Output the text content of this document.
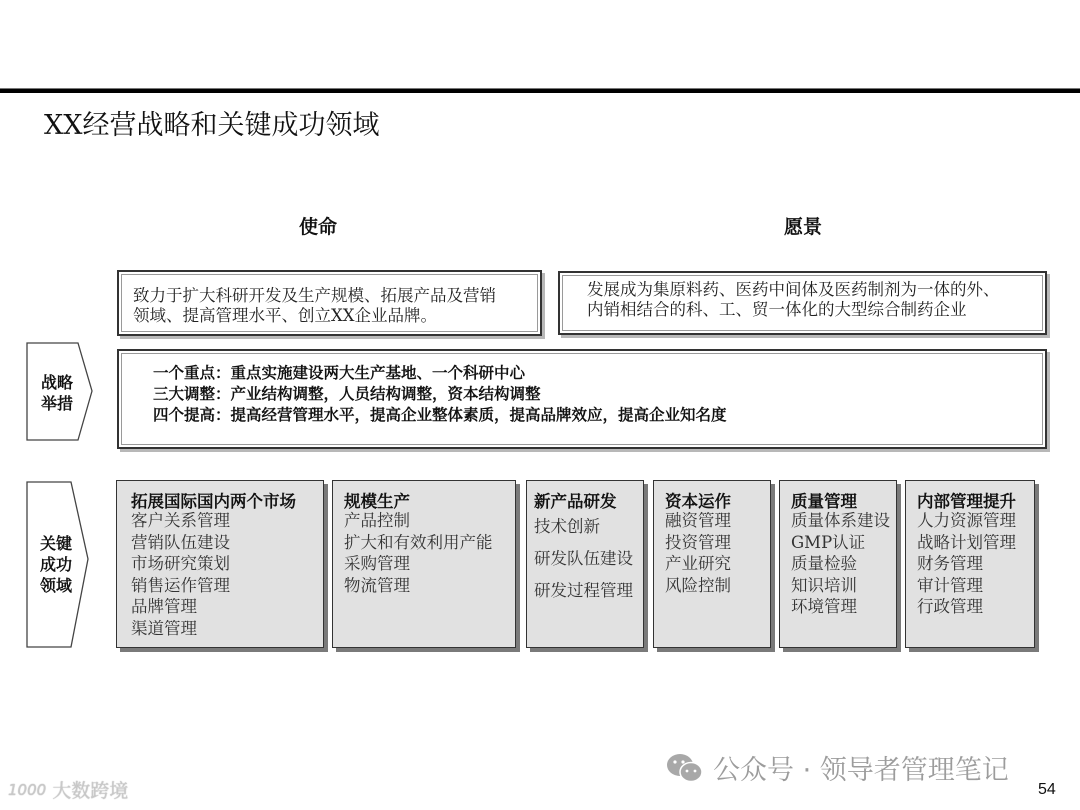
XX经营战略和关键成功领域
使命	愿景
致力于扩大科研开发及生产规模、拓展产品及营销
领域、提高管理水平、创立XX企业品牌。
发展成为集原料药、医药中间体及医药制剂为一体的外、
内销相结合的科、工、贸一体化的大型综合制药企业
战略
举措
一个重点：重点实施建设两大生产基地、一个科研中心
三大调整：产业结构调整，人员结构调整，资本结构调整
四个提高：提高经营管理水平，提高企业整体素质，提高品牌效应，提高企业知名度
关键
成功
领域
拓展国际国内两个市场
客户关系管理
营销队伍建设
市场研究策划
销售运作管理
品牌管理
渠道管理
规模生产
产品控制
扩大和有效利用产能
采购管理
物流管理
新产品研发
技术创新
研发队伍建设
研发过程管理
资本运作
融资管理
投资管理
产业研究
风险控制
质量管理
质量体系建设
GMP认证
质量检验
知识培训
环境管理
内部管理提升
人力资源管理
战略计划管理
财务管理
审计管理
行政管理
公众号 · 领导者管理笔记
1000 大数跨境	54
